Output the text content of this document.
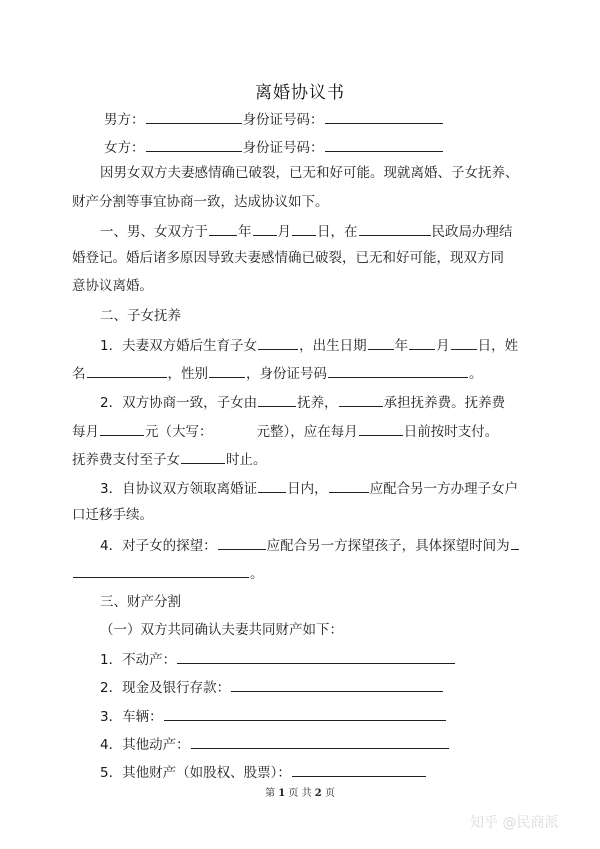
离婚协议书
男方：	身份证号码：
女方：	身份证号码：
因男女双方夫妻感情确已破裂，已无和好可能。现就离婚、子女抚养、
财产分割等事宜协商一致，达成协议如下。
一、男、女双方于 年 月 日，在	民政局办理结
婚登记。婚后诸多原因导致夫妻感情确已破裂，已无和好可能，现双方同
意协议离婚。
二、子女抚养
1．夫妻双方婚后生育子女	，出生日期 年 月 日，姓
名	，性别	，身份证号码	。
2．双方协商一致，子女由	抚养，	承担抚养费。抚养费
每月	元（大写：	元整），应在每月	日前按时支付。
抚养费支付至子女	时止。
3．自协议双方领取离婚证 日内，	应配合另一方办理子女户
口迁移手续。
4．对子女的探望：	应配合另一方探望孩子，具体探望时间为
。
三、财产分割
（一）双方共同确认夫妻共同财产如下：
1．不动产：
2．现金及银行存款：
3．车辆：
4．其他动产：
5．其他财产（如股权、股票）：
第 1 页 共 2 页
知乎 @民商派
